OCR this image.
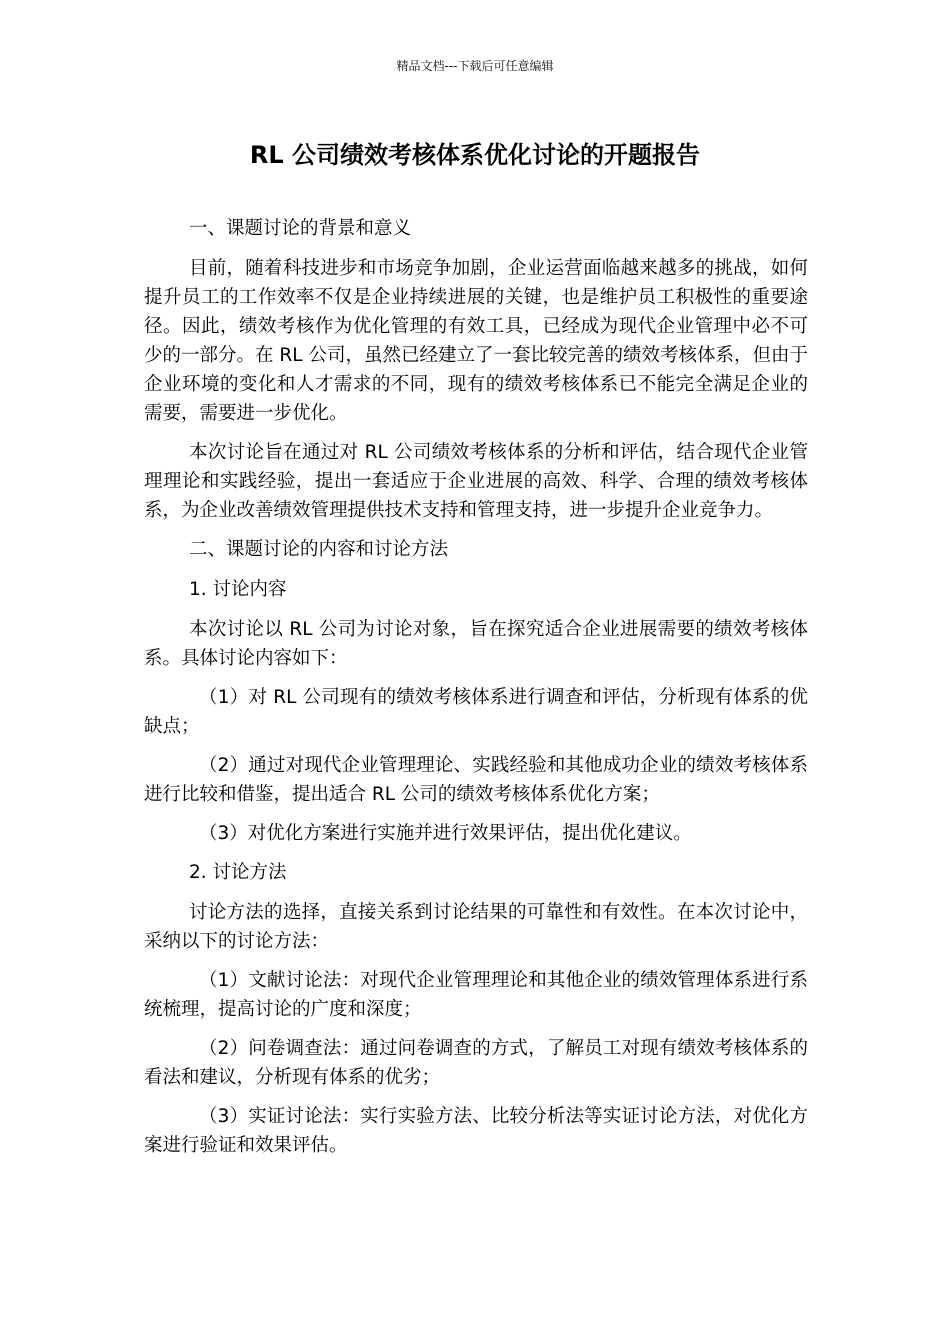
精品文档---下载后可任意编辑
RL 公司绩效考核体系优化讨论的开题报告

一、课题讨论的背景和意义

目前，随着科技进步和市场竞争加剧，企业运营面临越来越多的挑战，如何提升员工的工作效率不仅是企业持续进展的关键，也是维护员工积极性的重要途径。因此，绩效考核作为优化管理的有效工具，已经成为现代企业管理中必不可少的一部分。在 RL 公司，虽然已经建立了一套比较完善的绩效考核体系，但由于企业环境的变化和人才需求的不同，现有的绩效考核体系已不能完全满足企业的需要，需要进一步优化。

本次讨论旨在通过对 RL 公司绩效考核体系的分析和评估，结合现代企业管理理论和实践经验，提出一套适应于企业进展的高效、科学、合理的绩效考核体系，为企业改善绩效管理提供技术支持和管理支持，进一步提升企业竞争力。

二、课题讨论的内容和讨论方法

1. 讨论内容

本次讨论以 RL 公司为讨论对象，旨在探究适合企业进展需要的绩效考核体系。具体讨论内容如下：

（1）对 RL 公司现有的绩效考核体系进行调查和评估，分析现有体系的优缺点；

（2）通过对现代企业管理理论、实践经验和其他成功企业的绩效考核体系进行比较和借鉴，提出适合 RL 公司的绩效考核体系优化方案；

（3）对优化方案进行实施并进行效果评估，提出优化建议。

2. 讨论方法

讨论方法的选择，直接关系到讨论结果的可靠性和有效性。在本次讨论中，采纳以下的讨论方法：

（1）文献讨论法：对现代企业管理理论和其他企业的绩效管理体系进行系统梳理，提高讨论的广度和深度；

（2）问卷调查法：通过问卷调查的方式，了解员工对现有绩效考核体系的看法和建议，分析现有体系的优劣；

（3）实证讨论法：实行实验方法、比较分析法等实证讨论方法，对优化方案进行验证和效果评估。
